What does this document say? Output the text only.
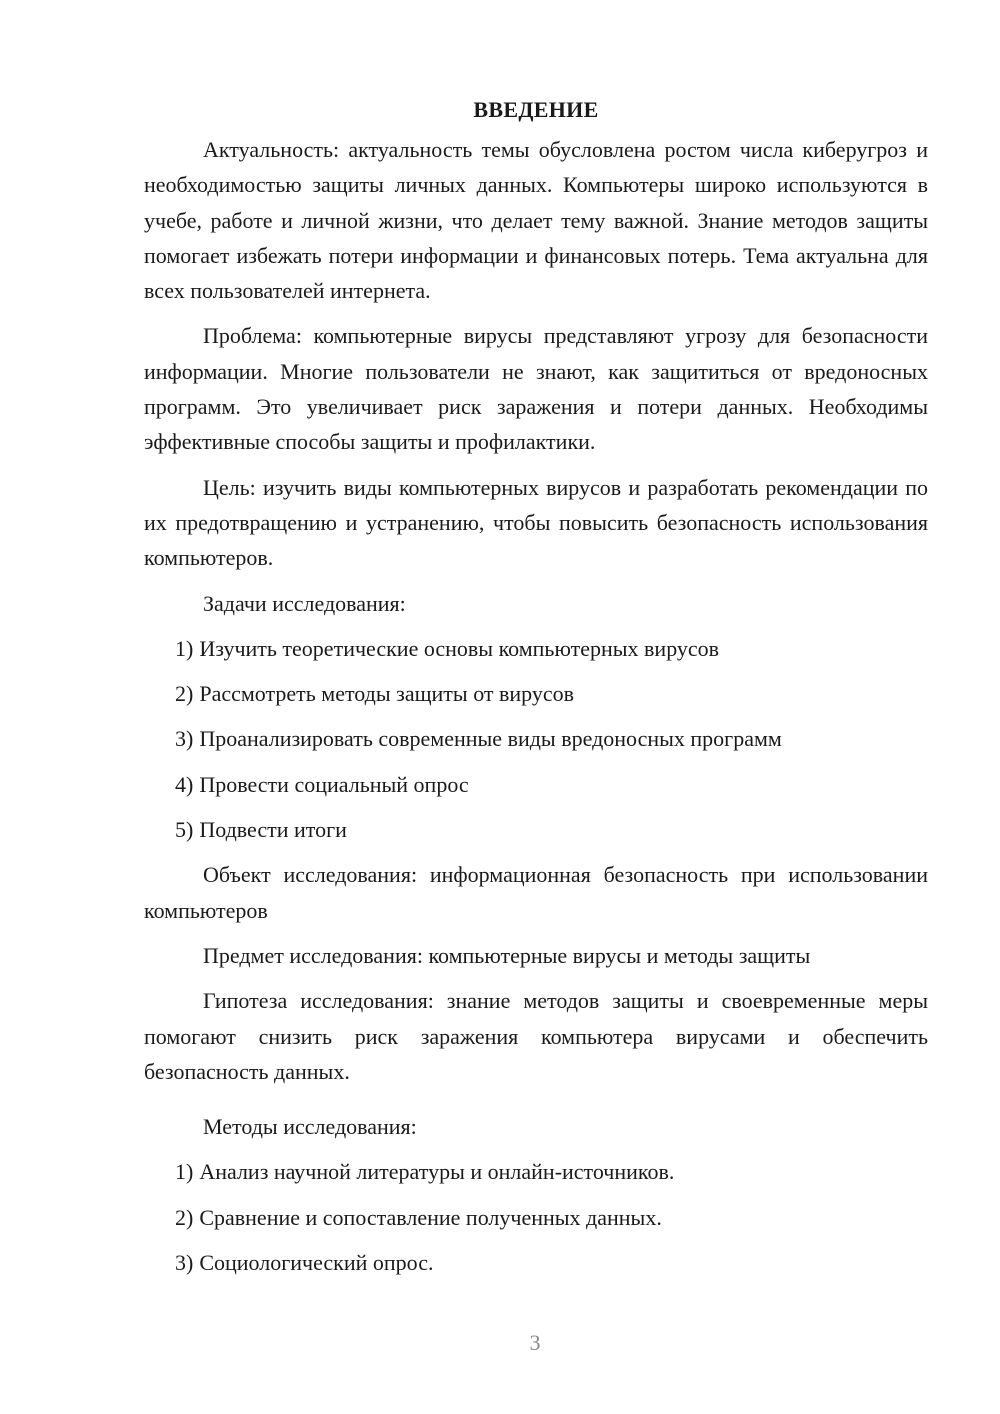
ВВЕДЕНИЕ

Актуальность: актуальность темы обусловлена ростом числа киберугроз и необходимостью защиты личных данных. Компьютеры широко используются в учебе, работе и личной жизни, что делает тему важной. Знание методов защиты помогает избежать потери информации и финансовых потерь. Тема актуальна для всех пользователей интернета.

Проблема: компьютерные вирусы представляют угрозу для безопасности информации. Многие пользователи не знают, как защититься от вредоносных программ. Это увеличивает риск заражения и потери данных. Необходимы эффективные способы защиты и профилактики.

Цель: изучить виды компьютерных вирусов и разработать рекомендации по их предотвращению и устранению, чтобы повысить безопасность использования компьютеров.

Задачи исследования:

1) Изучить теоретические основы компьютерных вирусов
2) Рассмотреть методы защиты от вирусов
3) Проанализировать современные виды вредоносных программ
4) Провести социальный опрос
5) Подвести итоги

Объект исследования: информационная безопасность при использовании компьютеров

Предмет исследования: компьютерные вирусы и методы защиты

Гипотеза исследования: знание методов защиты и своевременные меры помогают снизить риск заражения компьютера вирусами и обеспечить безопасность данных.

Методы исследования:

1) Анализ научной литературы и онлайн-источников.
2) Сравнение и сопоставление полученных данных.
3) Социологический опрос.
3
